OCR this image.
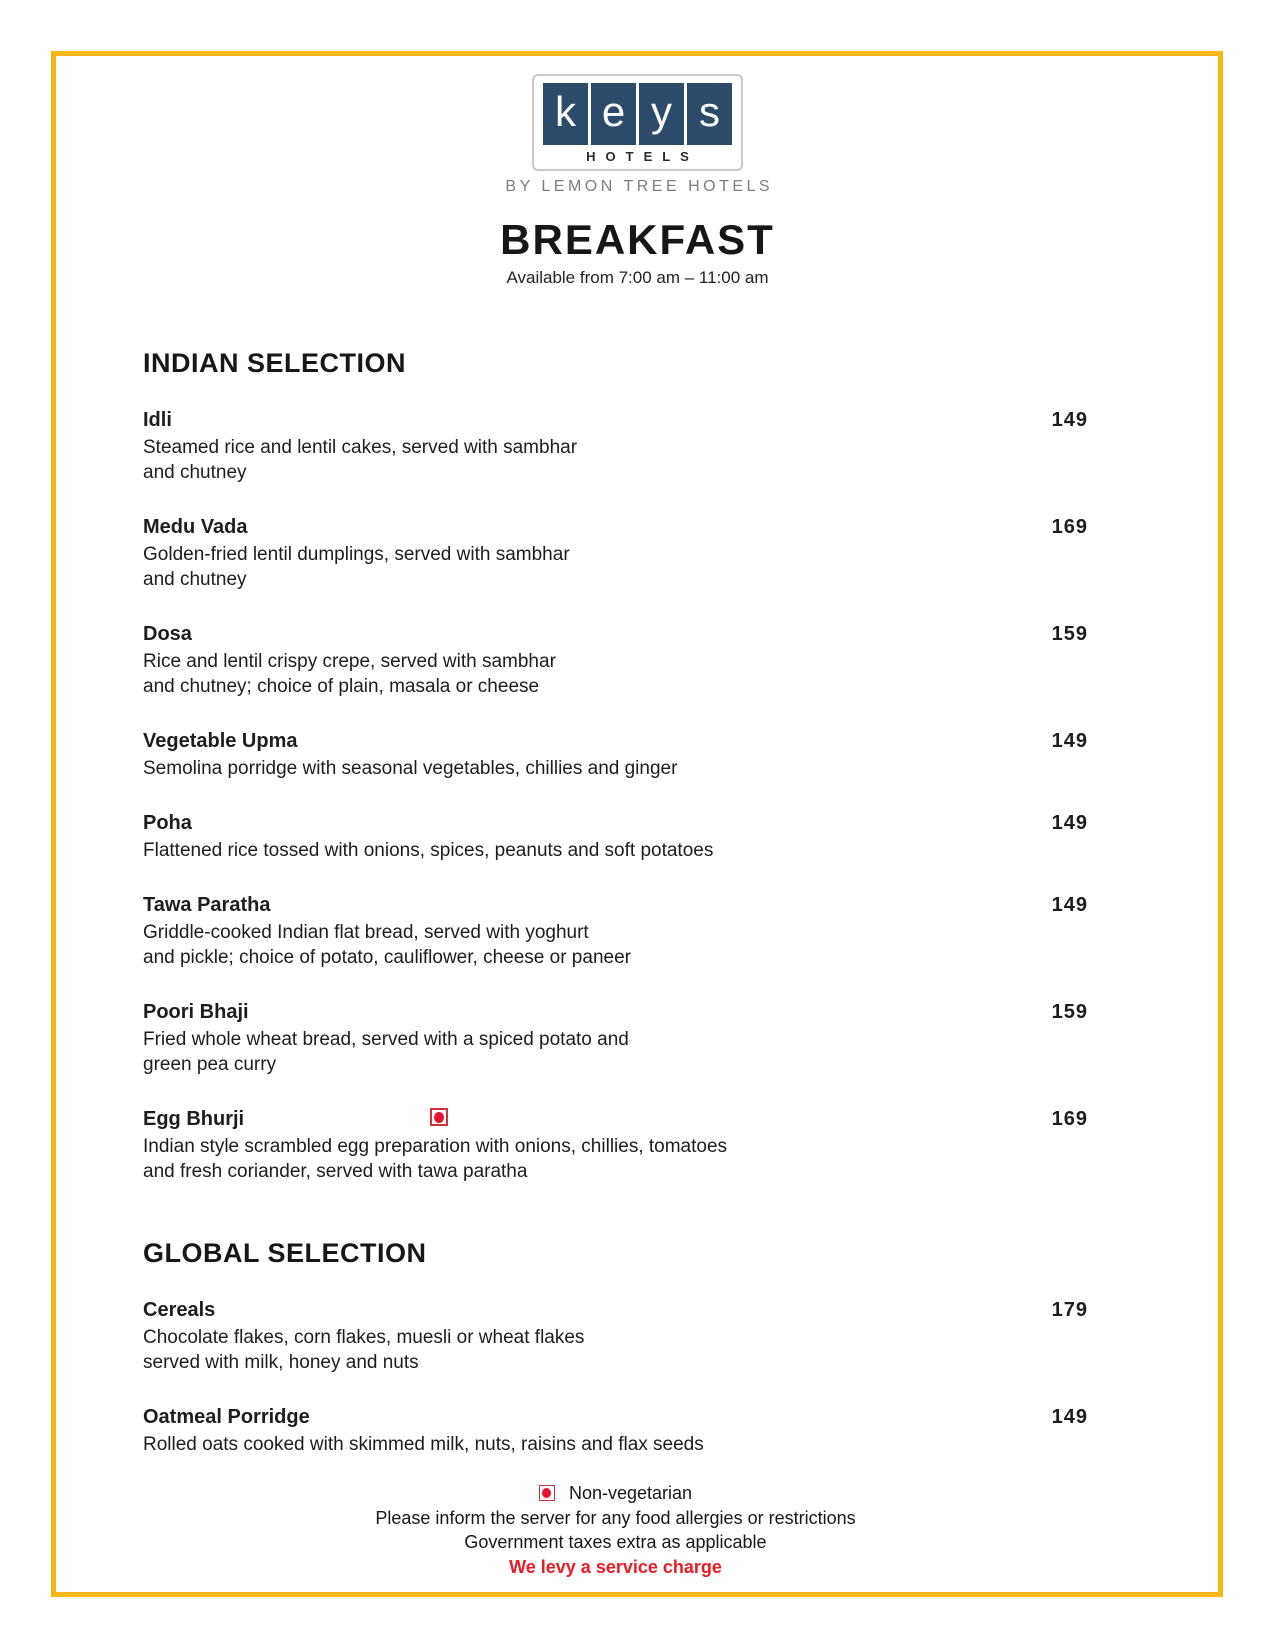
k e y s
HOTELS
BY LEMON TREE HOTELS
BREAKFAST
Available from 7:00 am – 11:00 am
INDIAN SELECTION
Idli
Steamed rice and lentil cakes, served with sambhar
and chutney
149
Medu Vada
Golden-fried lentil dumplings, served with sambhar
and chutney
169
Dosa
Rice and lentil crispy crepe, served with sambhar
and chutney; choice of plain, masala or cheese
159
Vegetable Upma
Semolina porridge with seasonal vegetables, chillies and ginger
149
Poha
Flattened rice tossed with onions, spices, peanuts and soft potatoes
149
Tawa Paratha
Griddle-cooked Indian flat bread, served with yoghurt
and pickle; choice of potato, cauliflower, cheese or paneer
149
Poori Bhaji
Fried whole wheat bread, served with a spiced potato and
green pea curry
159
Egg Bhurji
Indian style scrambled egg preparation with onions, chillies, tomatoes
and fresh coriander, served with tawa paratha
169
GLOBAL SELECTION
Cereals
Chocolate flakes, corn flakes, muesli or wheat flakes
served with milk, honey and nuts
179
Oatmeal Porridge
Rolled oats cooked with skimmed milk, nuts, raisins and flax seeds
149
Non-vegetarian
Please inform the server for any food allergies or restrictions
Government taxes extra as applicable
We levy a service charge
